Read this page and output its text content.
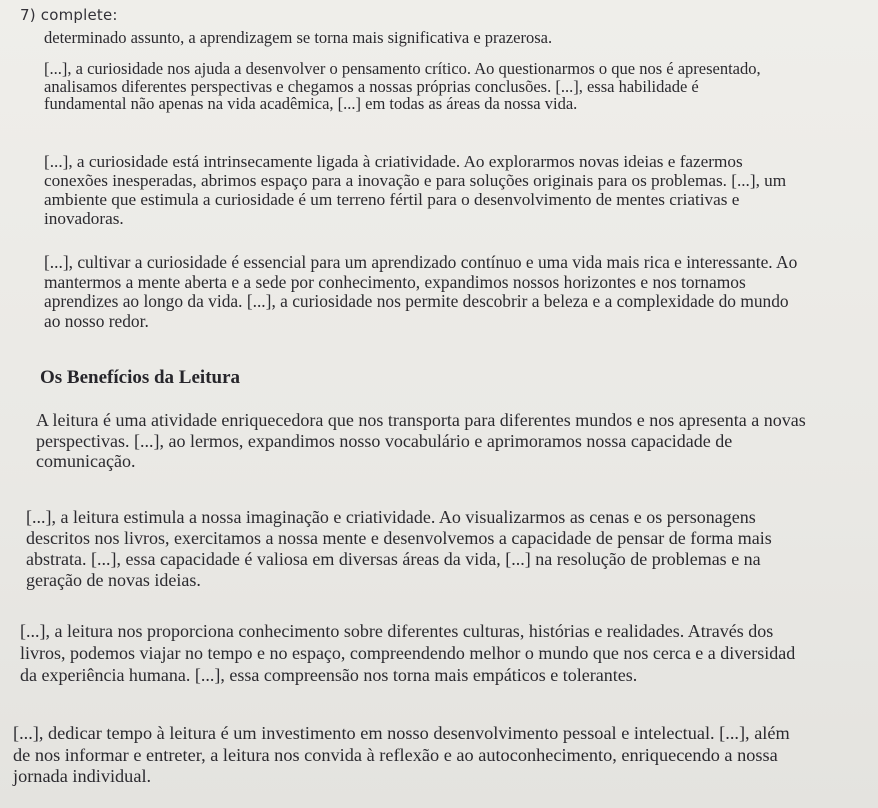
7) complete:

determinado assunto, a aprendizagem se torna mais significativa e prazerosa.

[...], a curiosidade nos ajuda a desenvolver o pensamento crítico. Ao questionarmos o que nos é apresentado,
analisamos diferentes perspectivas e chegamos a nossas próprias conclusões. [...], essa habilidade é
fundamental não apenas na vida acadêmica, [...] em todas as áreas da nossa vida.

[...], a curiosidade está intrinsecamente ligada à criatividade. Ao explorarmos novas ideias e fazermos
conexões inesperadas, abrimos espaço para a inovação e para soluções originais para os problemas. [...], um
ambiente que estimula a curiosidade é um terreno fértil para o desenvolvimento de mentes criativas e
inovadoras.

[...], cultivar a curiosidade é essencial para um aprendizado contínuo e uma vida mais rica e interessante. Ao
mantermos a mente aberta e a sede por conhecimento, expandimos nossos horizontes e nos tornamos
aprendizes ao longo da vida. [...], a curiosidade nos permite descobrir a beleza e a complexidade do mundo
ao nosso redor.

Os Benefícios da Leitura

A leitura é uma atividade enriquecedora que nos transporta para diferentes mundos e nos apresenta a novas
perspectivas. [...], ao lermos, expandimos nosso vocabulário e aprimoramos nossa capacidade de
comunicação.

[...], a leitura estimula a nossa imaginação e criatividade. Ao visualizarmos as cenas e os personagens
descritos nos livros, exercitamos a nossa mente e desenvolvemos a capacidade de pensar de forma mais
abstrata. [...], essa capacidade é valiosa em diversas áreas da vida, [...] na resolução de problemas e na
geração de novas ideias.

[...], a leitura nos proporciona conhecimento sobre diferentes culturas, histórias e realidades. Através dos
livros, podemos viajar no tempo e no espaço, compreendendo melhor o mundo que nos cerca e a diversidad
da experiência humana. [...], essa compreensão nos torna mais empáticos e tolerantes.

[...], dedicar tempo à leitura é um investimento em nosso desenvolvimento pessoal e intelectual. [...], além
de nos informar e entreter, a leitura nos convida à reflexão e ao autoconhecimento, enriquecendo a nossa
jornada individual.
